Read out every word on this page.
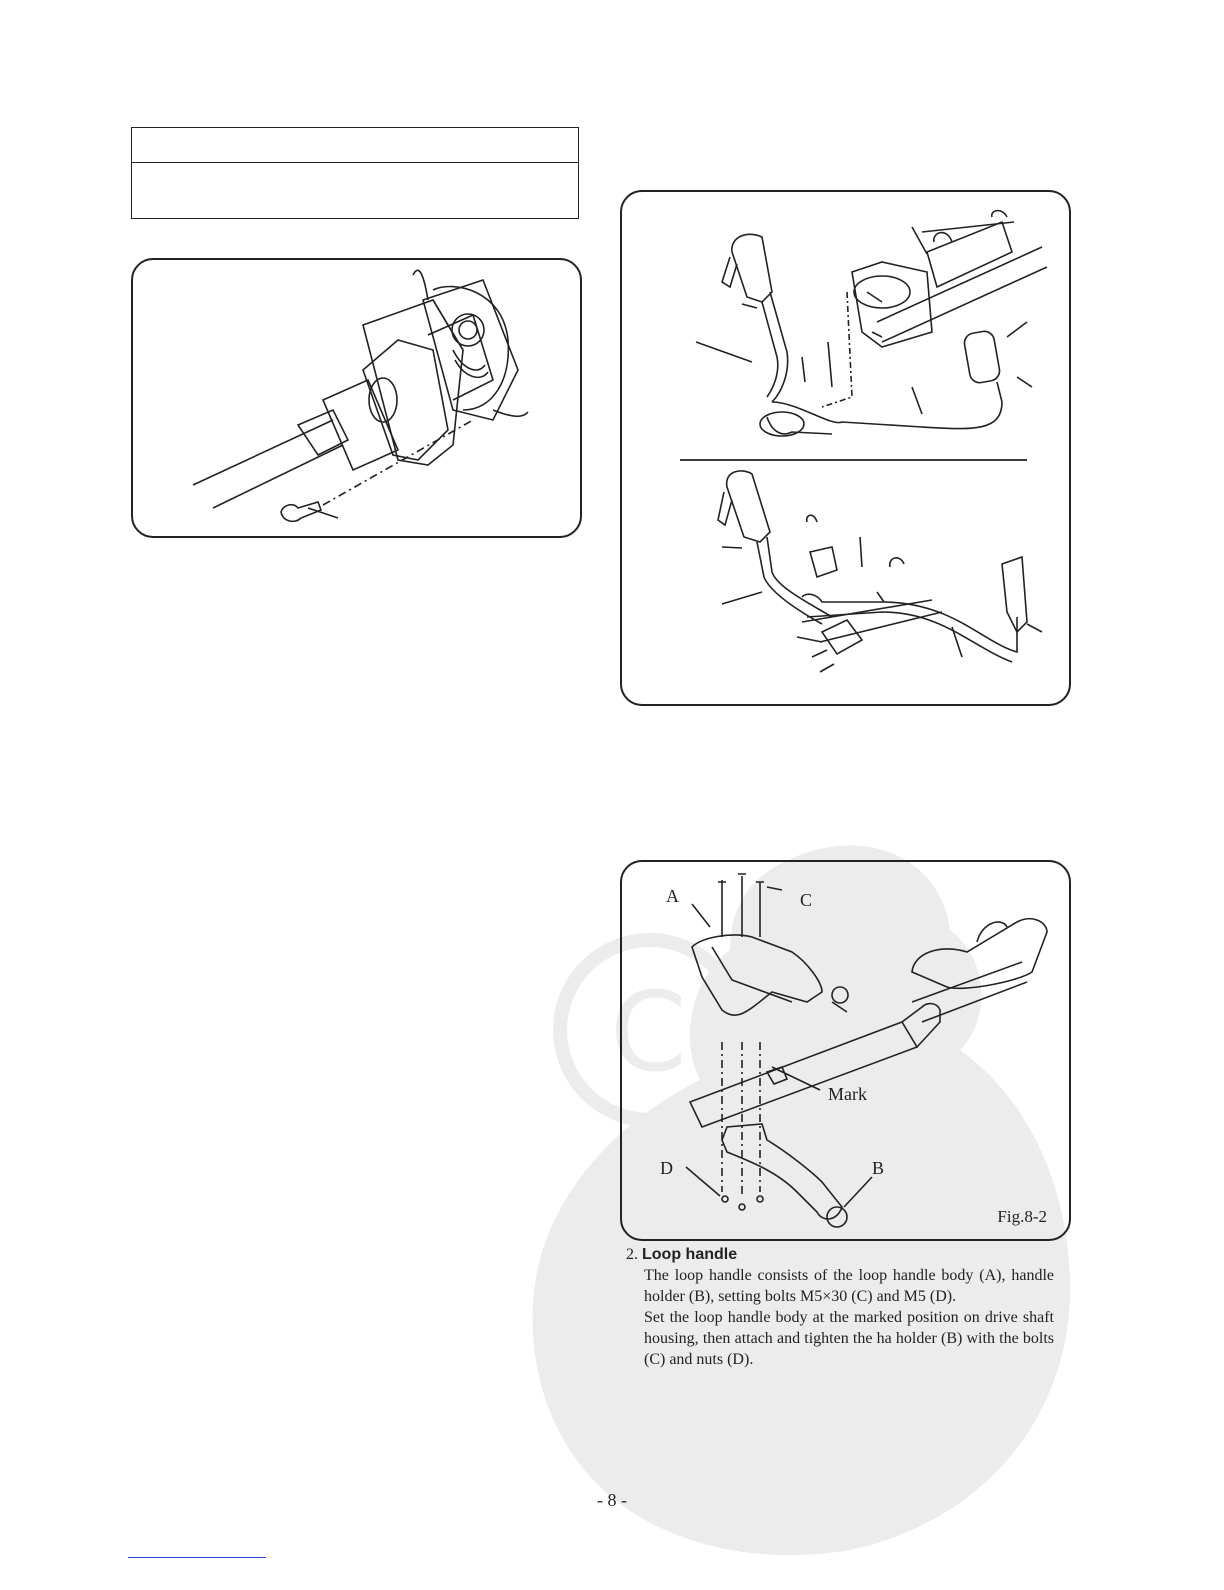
C
A	C
Mark
D	B
Fig.8-2
2. Loop handle

The loop handle consists of the loop handle body (A), handle holder (B), setting bolts M5×30 (C) and M5 (D).

Set the loop handle body at the marked position on drive shaft housing, then attach and tighten the ha holder (B) with the bolts (C) and nuts (D).

- 8 -
